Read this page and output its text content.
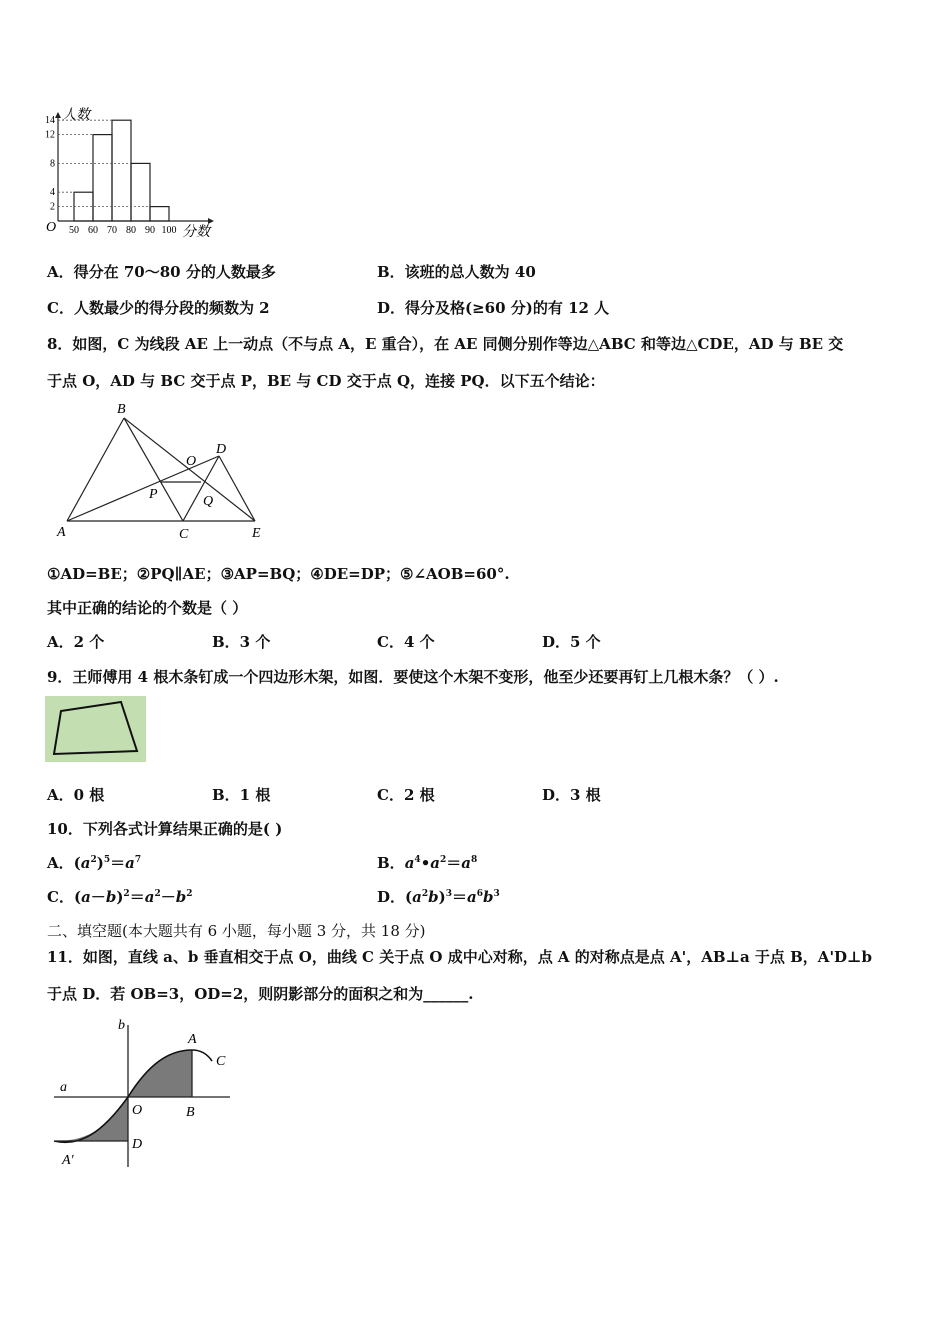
14
12
8
4
2
50 60 70 80 90 100
人数
分数
O
A．得分在 70～80 分的人数最多	B．该班的总人数为 40
C．人数最少的得分段的频数为 2	D．得分及格(≥60 分)的有 12 人
8．如图，C 为线段 AE 上一动点（不与点 A，E 重合），在 AE 同侧分别作等边△ABC 和等边△CDE，AD 与 BE 交
于点 O，AD 与 BC 交于点 P，BE 与 CD 交于点 Q，连接 PQ．以下五个结论：
A
B
C
D
E
O
P	Q
①AD=BE；②PQ∥AE；③AP=BQ；④DE=DP；⑤∠AOB=60°.
其中正确的结论的个数是（ ）
A．2 个	B．3 个	C．4 个	D．5 个
9．王师傅用 4 根木条钉成一个四边形木架，如图．要使这个木架不变形，他至少还要再钉上几根木条？（ ）.
A．0 根	B．1 根	C．2 根	D．3 根
10．下列各式计算结果正确的是( )
A．$(a^2)^5=a^7$	B．$a^4•a^2=a^8$
C．$(a-b)^2=a^2-b^2$	D．$(a^2b)^3=a^6b^3$
二、填空题(本大题共有 6 小题，每小题 3 分，共 18 分)
11．如图，直线 a、b 垂直相交于点 O，曲线 C 关于点 O 成中心对称，点 A 的对称点是点 A'，AB⊥a 于点 B，A'D⊥b
于点 D．若 OB=3，OD=2，则阴影部分的面积之和为______.
a
b
O
A
B
C
D
A′
